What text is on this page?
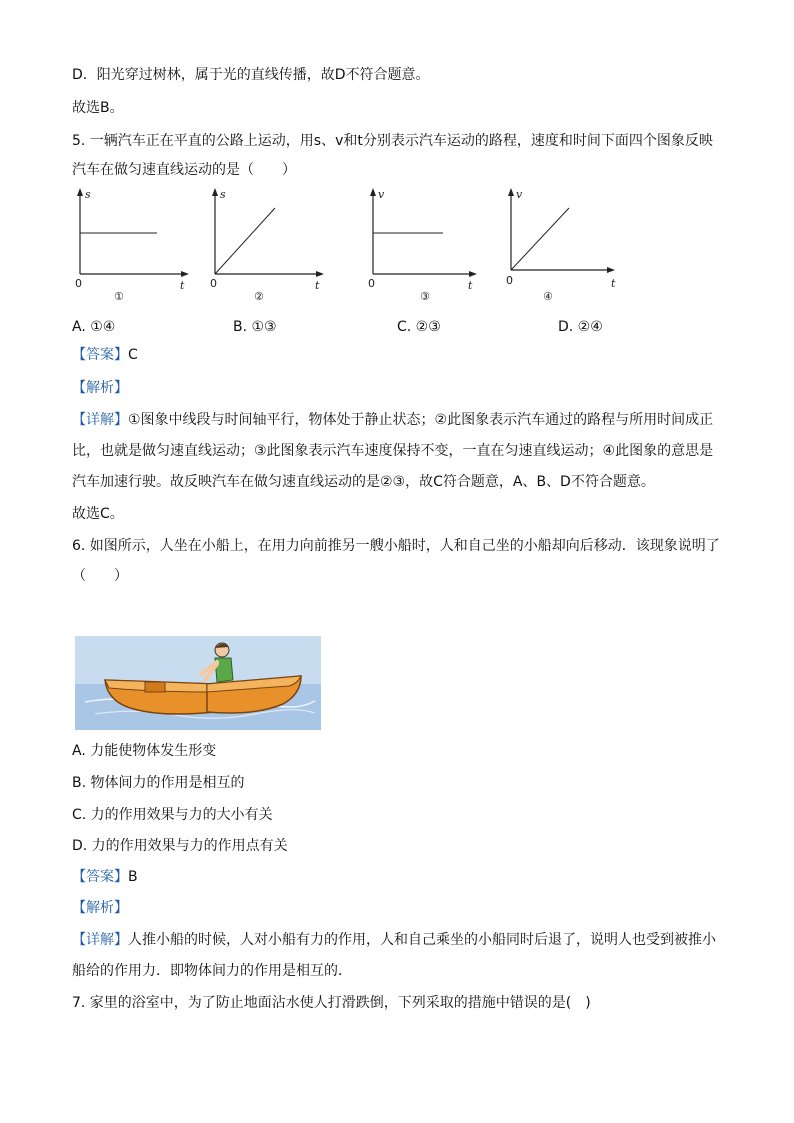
D．阳光穿过树林，属于光的直线传播，故D不符合题意。
故选B。
5. 一辆汽车正在平直的公路上运动，用s、v和t分别表示汽车运动的路程，速度和时间下面四个图象反映
汽车在做匀速直线运动的是（　　）
s
t
0
①
s
t
0
②
v
t
0
③
v
t
0
④
A. ①④	B. ①③	C. ②③	D. ②④
【答案】C
【解析】
【详解】①图象中线段与时间轴平行，物体处于静止状态；②此图象表示汽车通过的路程与所用时间成正
比，也就是做匀速直线运动；③此图象表示汽车速度保持不变，一直在匀速直线运动；④此图象的意思是
汽车加速行驶。故反映汽车在做匀速直线运动的是②③，故C符合题意，A、B、D不符合题意。
故选C。
6. 如图所示，人坐在小船上，在用力向前推另一艘小船时，人和自己坐的小船却向后移动．该现象说明了
（　　）
A. 力能使物体发生形变
B. 物体间力的作用是相互的
C. 力的作用效果与力的大小有关
D. 力的作用效果与力的作用点有关
【答案】B
【解析】
【详解】人推小船的时候，人对小船有力的作用，人和自己乘坐的小船同时后退了，说明人也受到被推小
船给的作用力．即物体间力的作用是相互的．
7. 家里的浴室中，为了防止地面沾水使人打滑跌倒，下列采取的措施中错误的是(　)
